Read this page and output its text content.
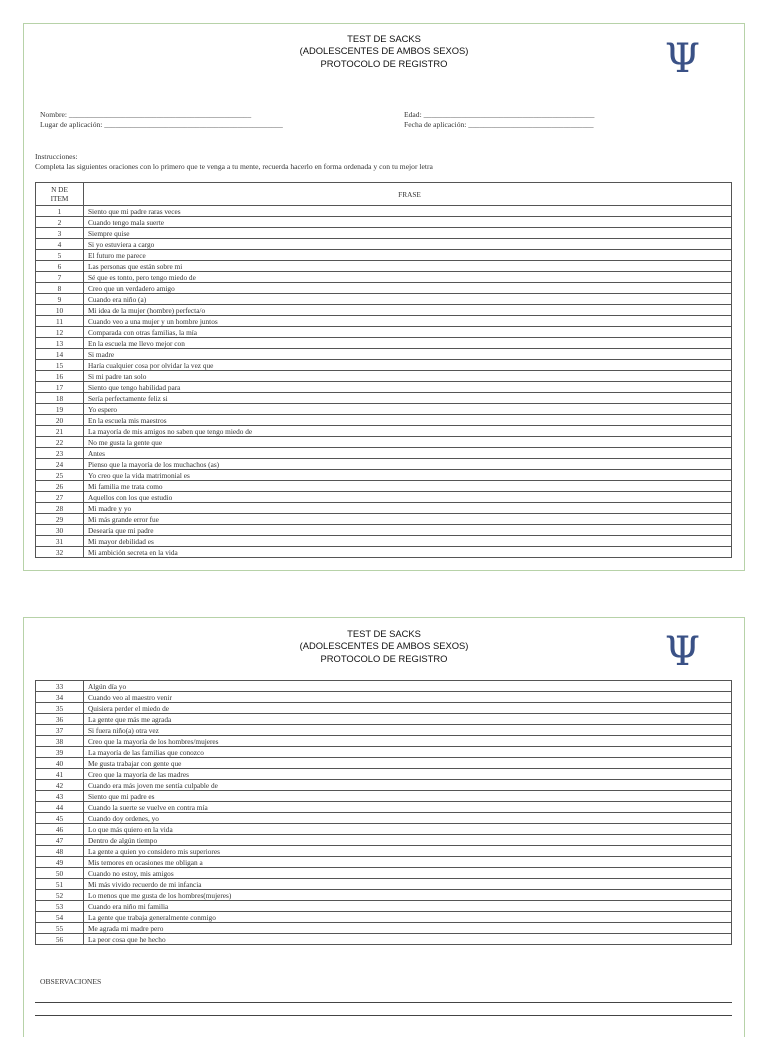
TEST DE SACKS
(ADOLESCENTES DE AMBOS SEXOS)
PROTOCOLO DE REGISTRO	Ψ
Nombre: ________________________________________________
Lugar de aplicación: _______________________________________________
Edad: _____________________________________________
Fecha de aplicación: _________________________________
Instrucciones:
Completa las siguientes oraciones con lo primero que te venga a tu mente, recuerda hacerlo en forma ordenada y con tu mejor letra
N DE
ITEM	FRASE
1	Siento que mi padre raras veces
2	Cuando tengo mala suerte
3	Siempre quise
4	Si yo estuviera a cargo
5	El futuro me parece
6	Las personas que están sobre mi
7	Sé que es tonto, pero tengo miedo de
8	Creo que un verdadero amigo
9	Cuando era niño (a)
10	Mi idea de la mujer (hombre) perfecta/o
11	Cuando veo a una mujer y un hombre juntos
12	Comparada con otras familias, la mía
13	En la escuela me llevo mejor con
14	Si madre
15	Haría cualquier cosa por olvidar la vez que
16	Si mi padre tan solo
17	Siento que tengo habilidad para
18	Sería perfectamente feliz si
19	Yo espero
20	En la escuela mis maestros
21	La mayoría de mis amigos no saben que tengo miedo de
22	No me gusta la gente que
23	Antes
24	Pienso que la mayoría de los muchachos (as)
25	Yo creo que la vida matrimonial es
26	Mi familia me trata como
27	Aquellos con los que estudio
28	Mi madre y yo
29	Mi más grande error fue
30	Desearía que mi padre
31	Mi mayor debilidad es
32	Mi ambición secreta en la vida
TEST DE SACKS
(ADOLESCENTES DE AMBOS SEXOS)
PROTOCOLO DE REGISTRO	Ψ
33	Algún día yo
34	Cuando veo al maestro venir
35	Quisiera perder el miedo de
36	La gente que más me agrada
37	Si fuera niño(a) otra vez
38	Creo que la mayoría de los hombres/mujeres
39	La mayoría de las familias que conozco
40	Me gusta trabajar con gente que
41	Creo que la mayoría de las madres
42	Cuando era más joven me sentía culpable de
43	Siento que mi padre es
44	Cuando la suerte se vuelve en contra mía
45	Cuando doy ordenes, yo
46	Lo que más quiero en la vida
47	Dentro de algún tiempo
48	La gente a quien yo considero mis superiores
49	Mis temores en ocasiones me obligan a
50	Cuando no estoy, mis amigos
51	Mi más vivido recuerdo de mi infancia
52	Lo menos que me gusta de los hombres(mujeres)
53	Cuando era niño mi familia
54	La gente que trabaja generalmente conmigo
55	Me agrada mi madre pero
56	La peor cosa que he hecho
OBSERVACIONES
